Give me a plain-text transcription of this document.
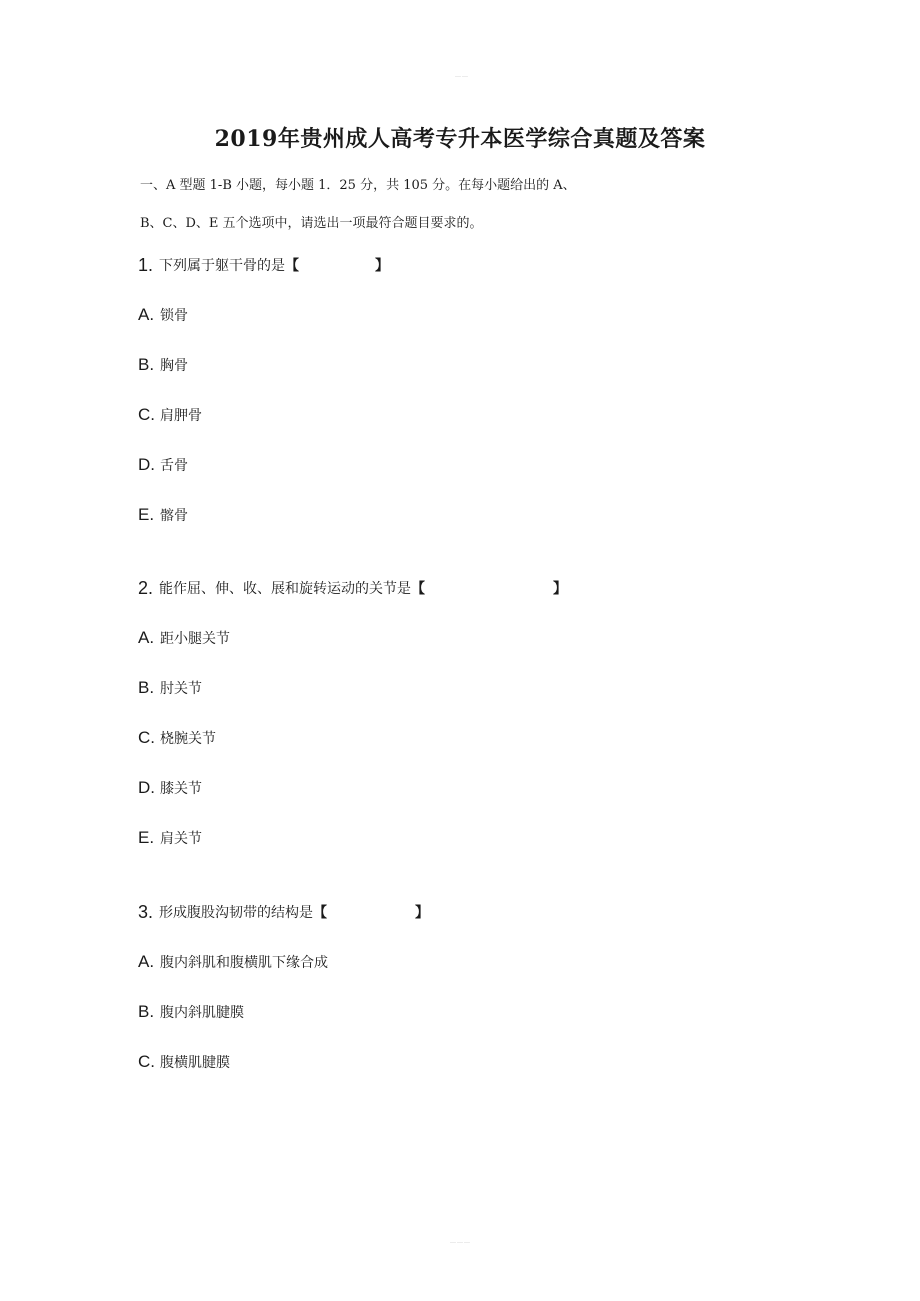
……
2019年贵州成人高考专升本医学综合真题及答案
一、A 型题 1-B 小题，每小题 1．25 分，共 105 分。在每小题给出的 A、
B、C、D、E 五个选项中，请选出一项最符合题目要求的。
1. 下列属于躯干骨的是 【	】
A. 锁骨
B. 胸骨
C. 肩胛骨
D. 舌骨
E. 髂骨
2. 能作屈、伸、收、展和旋转运动的关节是 【	】
A. 距小腿关节
B. 肘关节
C. 桡腕关节
D. 膝关节
E. 肩关节
3. 形成腹股沟韧带的结构是 【	】
A. 腹内斜肌和腹横肌下缘合成
B. 腹内斜肌腱膜
C. 腹横肌腱膜
………
